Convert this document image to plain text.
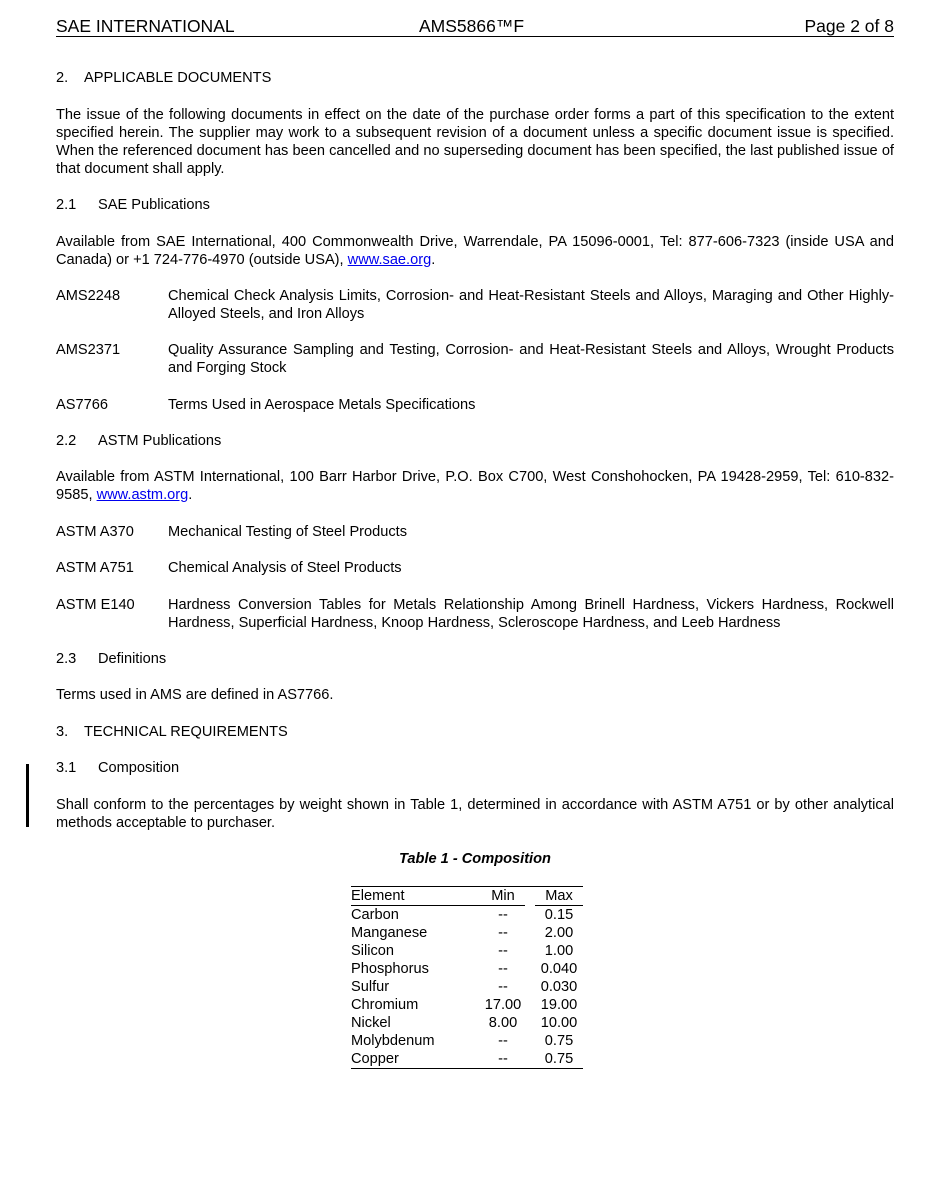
SAE INTERNATIONAL	AMS5866™F	Page 2 of 8
2. APPLICABLE DOCUMENTS
The issue of the following documents in effect on the date of the purchase order forms a part of this specification to the extent specified herein. The supplier may work to a subsequent revision of a document unless a specific document issue is specified. When the referenced document has been cancelled and no superseding document has been specified, the last published issue of that document shall apply.
2.1 SAE Publications
Available from SAE International, 400 Commonwealth Drive, Warrendale, PA 15096-0001, Tel: 877-606-7323 (inside USA and Canada) or +1 724-776-4970 (outside USA), www.sae.org.
AMS2248	Chemical Check Analysis Limits, Corrosion- and Heat-Resistant Steels and Alloys, Maraging and Other Highly-Alloyed Steels, and Iron Alloys
AMS2371	Quality Assurance Sampling and Testing, Corrosion- and Heat-Resistant Steels and Alloys, Wrought Products and Forging Stock
AS7766	Terms Used in Aerospace Metals Specifications
2.2 ASTM Publications
Available from ASTM International, 100 Barr Harbor Drive, P.O. Box C700, West Conshohocken, PA 19428-2959, Tel: 610-832-9585, www.astm.org.
ASTM A370 Mechanical Testing of Steel Products
ASTM A751 Chemical Analysis of Steel Products
ASTM E140 Hardness Conversion Tables for Metals Relationship Among Brinell Hardness, Vickers Hardness, Rockwell Hardness, Superficial Hardness, Knoop Hardness, Scleroscope Hardness, and Leeb Hardness
2.3 Definitions
Terms used in AMS are defined in AS7766.
3. TECHNICAL REQUIREMENTS
3.1 Composition
Shall conform to the percentages by weight shown in Table 1, determined in accordance with ASTM A751 or by other analytical methods acceptable to purchaser.
Table 1 - Composition
Element	Min		Max
Carbon	--		0.15
Manganese	--		2.00
Silicon	--		1.00
Phosphorus	--		0.040
Sulfur	--		0.030
Chromium	17.00		19.00
Nickel	8.00		10.00
Molybdenum	--		0.75
Copper	--		0.75
